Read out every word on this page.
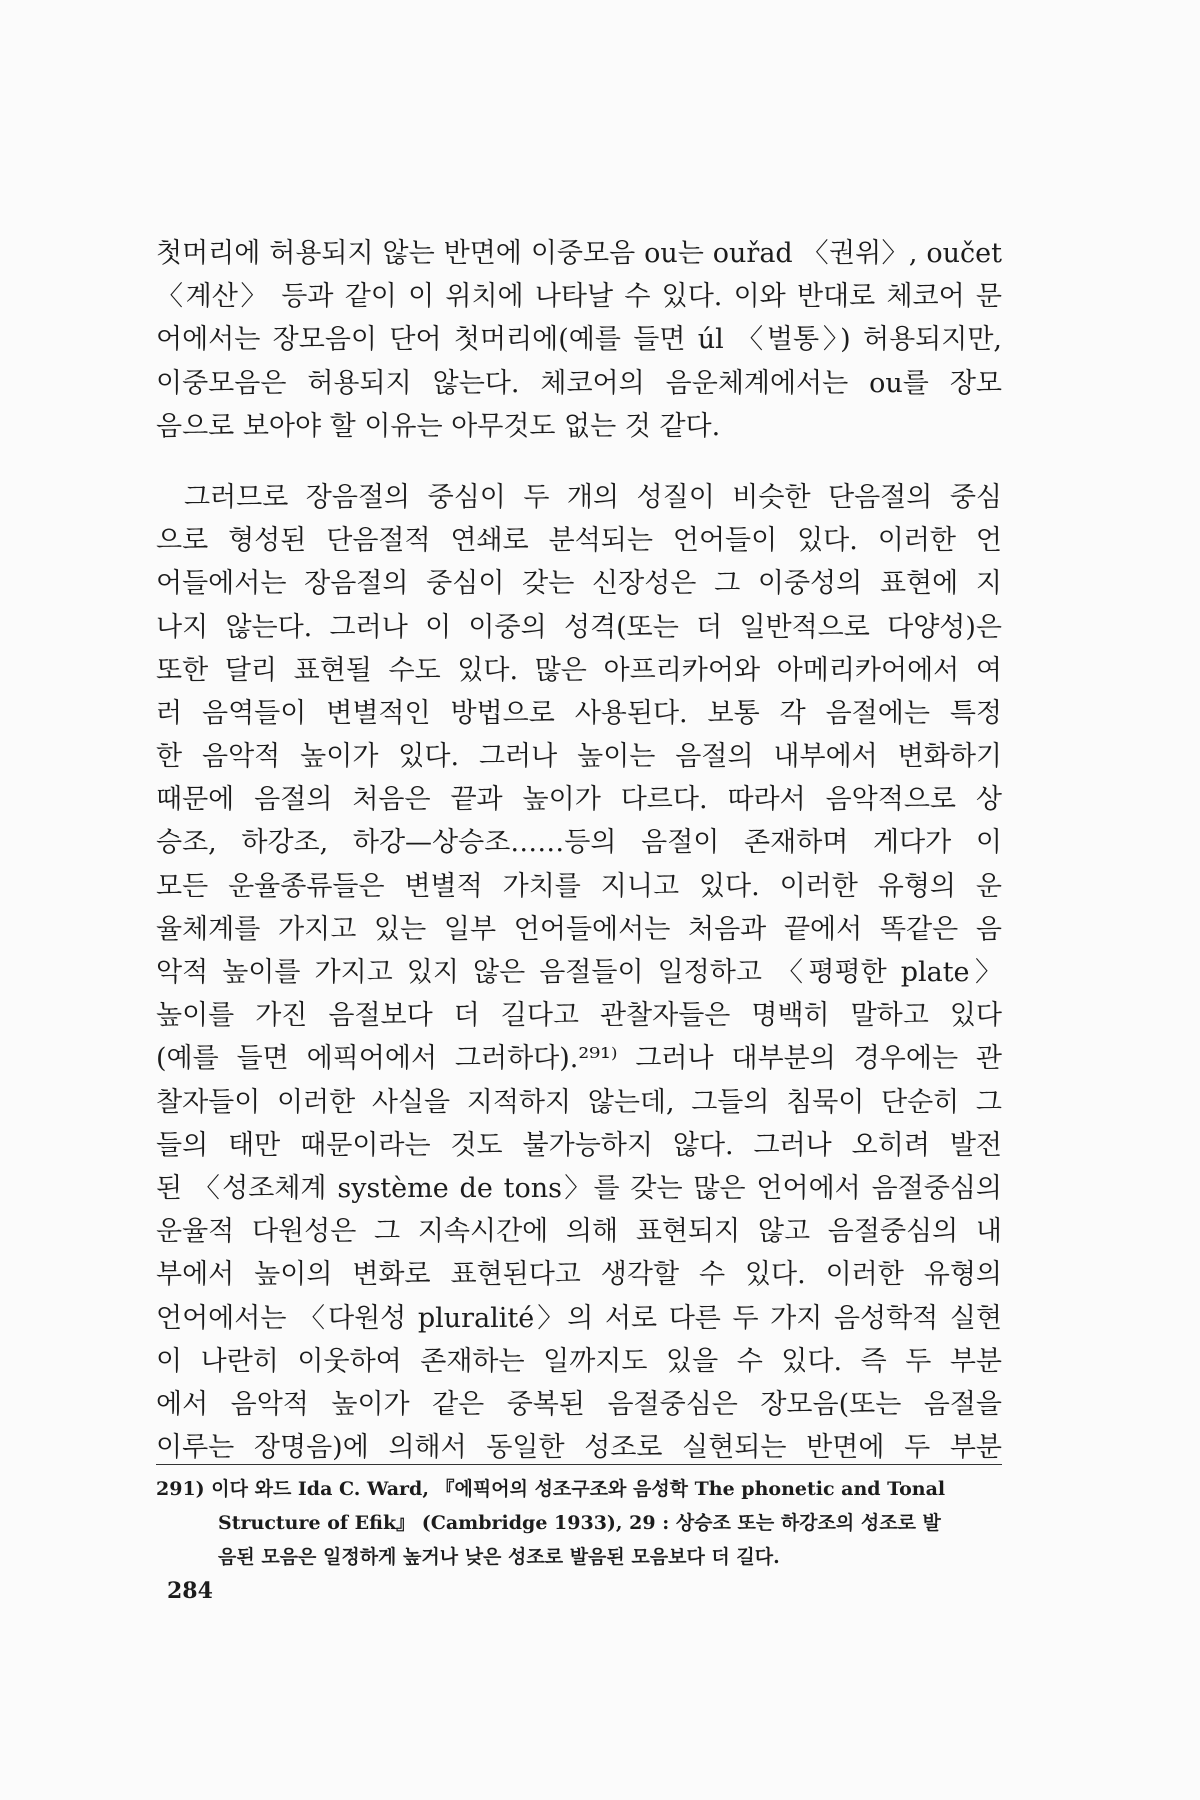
첫머리에 허용되지 않는 반면에 이중모음 ou는 ouřad 〈권위〉, oučet
〈계산〉 등과 같이 이 위치에 나타날 수 있다. 이와 반대로 체코어 문
어에서는 장모음이 단어 첫머리에(예를 들면 úl 〈벌통〉) 허용되지만,
이중모음은 허용되지 않는다. 체코어의 음운체계에서는 ou를 장모
음으로 보아야 할 이유는 아무것도 없는 것 같다.
그러므로 장음절의 중심이 두 개의 성질이 비슷한 단음절의 중심
으로 형성된 단음절적 연쇄로 분석되는 언어들이 있다. 이러한 언
어들에서는 장음절의 중심이 갖는 신장성은 그 이중성의 표현에 지
나지 않는다. 그러나 이 이중의 성격(또는 더 일반적으로 다양성)은
또한 달리 표현될 수도 있다. 많은 아프리카어와 아메리카어에서 여
러 음역들이 변별적인 방법으로 사용된다. 보통 각 음절에는 특정
한 음악적 높이가 있다. 그러나 높이는 음절의 내부에서 변화하기
때문에 음절의 처음은 끝과 높이가 다르다. 따라서 음악적으로 상
승조, 하강조, 하강—상승조……등의 음절이 존재하며 게다가 이
모든 운율종류들은 변별적 가치를 지니고 있다. 이러한 유형의 운
율체계를 가지고 있는 일부 언어들에서는 처음과 끝에서 똑같은 음
악적 높이를 가지고 있지 않은 음절들이 일정하고 〈평평한 plate〉
높이를 가진 음절보다 더 길다고 관찰자들은 명백히 말하고 있다
(예를 들면 에픽어에서 그러하다).²⁹¹⁾ 그러나 대부분의 경우에는 관
찰자들이 이러한 사실을 지적하지 않는데, 그들의 침묵이 단순히 그
들의 태만 때문이라는 것도 불가능하지 않다. 그러나 오히려 발전
된 〈성조체계 système de tons〉를 갖는 많은 언어에서 음절중심의
운율적 다원성은 그 지속시간에 의해 표현되지 않고 음절중심의 내
부에서 높이의 변화로 표현된다고 생각할 수 있다. 이러한 유형의
언어에서는 〈다원성 pluralité〉의 서로 다른 두 가지 음성학적 실현
이 나란히 이웃하여 존재하는 일까지도 있을 수 있다. 즉 두 부분
에서 음악적 높이가 같은 중복된 음절중심은 장모음(또는 음절을
이루는 장명음)에 의해서 동일한 성조로 실현되는 반면에 두 부분
291) 이다 와드 Ida C. Ward, 『에픽어의 성조구조와 음성학 The phonetic and Tonal
Structure of Efik』 (Cambridge 1933), 29 : 상승조 또는 하강조의 성조로 발
음된 모음은 일정하게 높거나 낮은 성조로 발음된 모음보다 더 길다.
284
